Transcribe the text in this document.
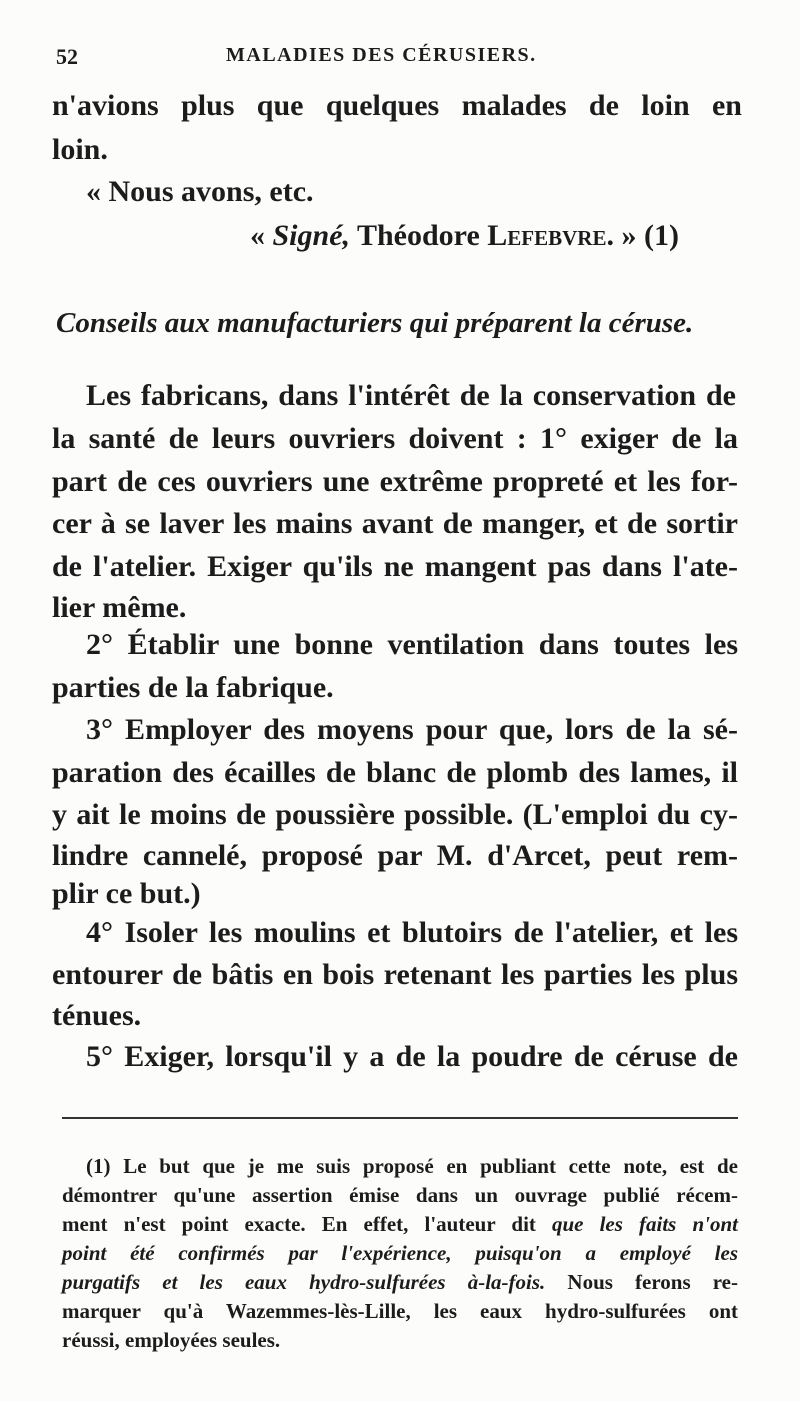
52	MALADIES DES CÉRUSIERS.
n'avions plus que quelques malades de loin en
loin.
« Nous avons, etc.
« Signé, Théodore Lefebvre. » (1)
Conseils aux manufacturiers qui préparent la céruse.
Les fabricans, dans l'intérêt de la conservation de
la santé de leurs ouvriers doivent : 1° exiger de la
part de ces ouvriers une extrême propreté et les for-
cer à se laver les mains avant de manger, et de sortir
de l'atelier. Exiger qu'ils ne mangent pas dans l'ate-
lier même.
2° Établir une bonne ventilation dans toutes les
parties de la fabrique.
3° Employer des moyens pour que, lors de la sé-
paration des écailles de blanc de plomb des lames, il
y ait le moins de poussière possible. (L'emploi du cy-
lindre cannelé, proposé par M. d'Arcet, peut rem-
plir ce but.)
4° Isoler les moulins et blutoirs de l'atelier, et les
entourer de bâtis en bois retenant les parties les plus
ténues.
5° Exiger, lorsqu'il y a de la poudre de céruse de
(1) Le but que je me suis proposé en publiant cette note, est de
démontrer qu'une assertion émise dans un ouvrage publié récem-
ment n'est point exacte. En effet, l'auteur dit que les faits n'ont
point été confirmés par l'expérience, puisqu'on a employé les
purgatifs et les eaux hydro-sulfurées à-la-fois. Nous ferons re-
marquer qu'à Wazemmes-lès-Lille, les eaux hydro-sulfurées ont
réussi, employées seules.
